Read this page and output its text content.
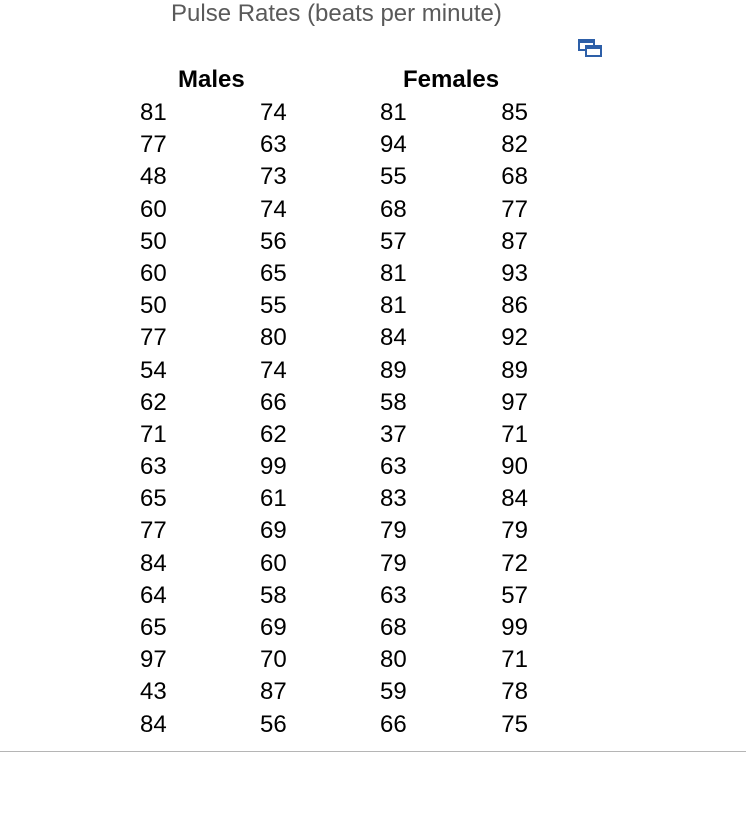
Pulse Rates (beats per minute)
Males	Females
81
77
48
60
50
60
50
77
54
62
71
63
65
77
84
64
65
97
43
84
74
63
73
74
56
65
55
80
74
66
62
99
61
69
60
58
69
70
87
56
81
94
55
68
57
81
81
84
89
58
37
63
83
79
79
63
68
80
59
66
85
82
68
77
87
93
86
92
89
97
71
90
84
79
72
57
99
71
78
75
